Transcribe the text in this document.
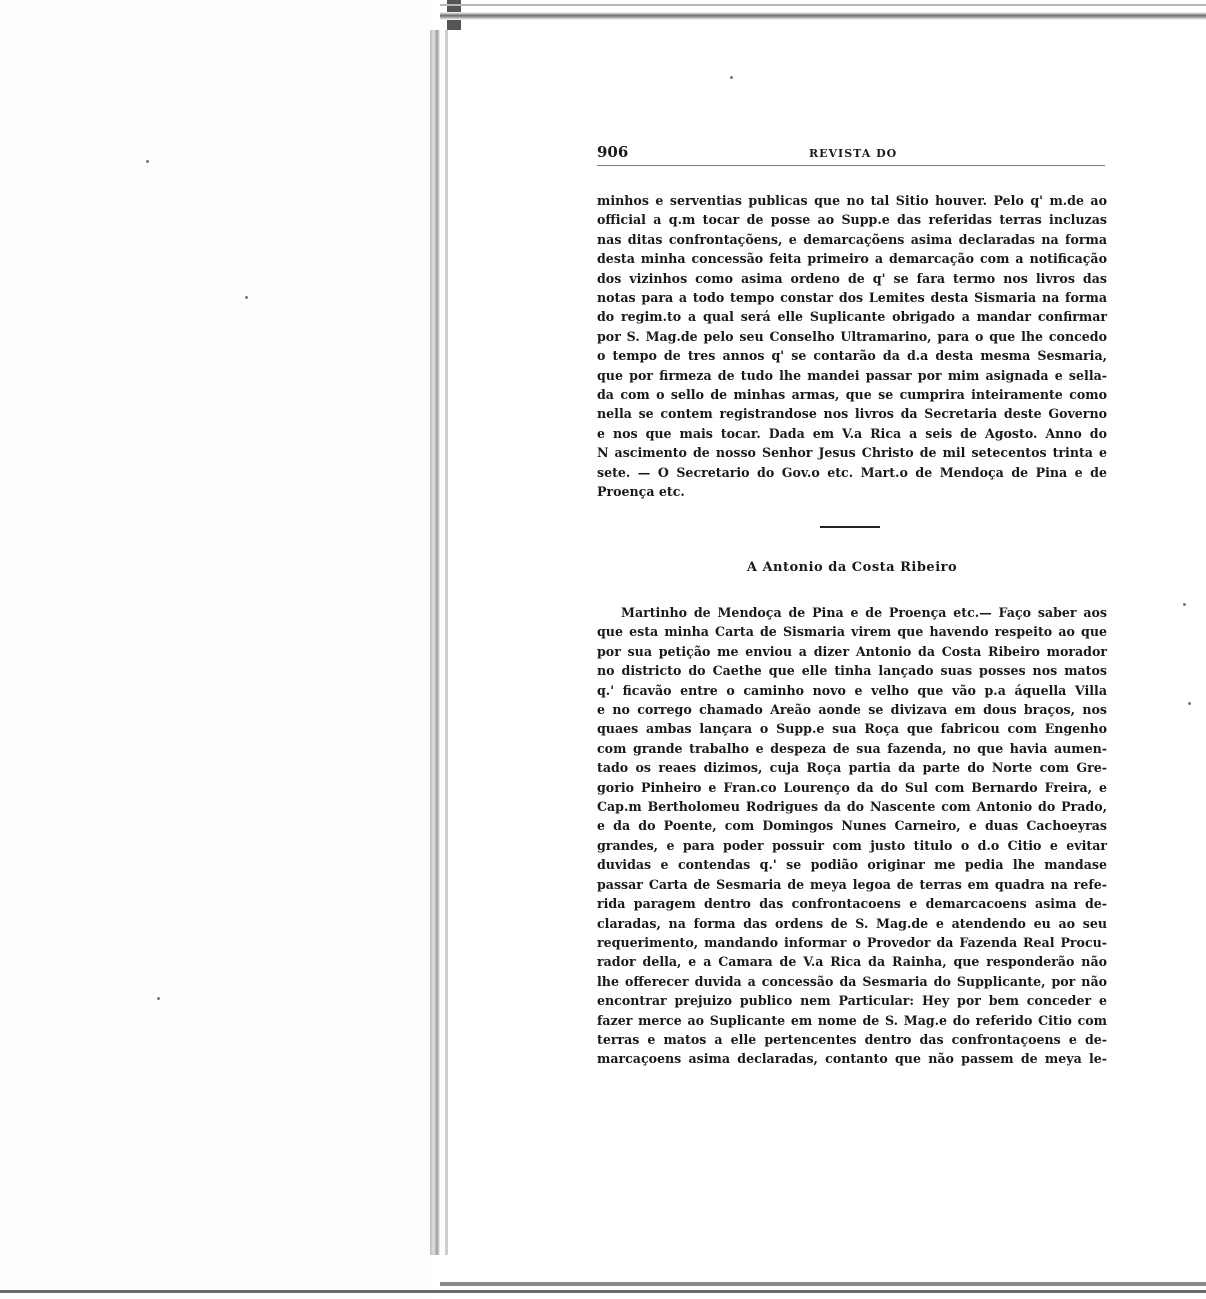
906	REVISTA DO
minhos e serventias publicas que no tal Sitio houver. Pelo q' m.de ao
official a q.m tocar de posse ao Supp.e das referidas terras incluzas
nas ditas confrontaçõens, e demarcaçõens asima declaradas na forma
desta minha concessão feita primeiro a demarcação com a notificação
dos vizinhos como asima ordeno de q' se fara termo nos livros das
notas para a todo tempo constar dos Lemites desta Sismaria na forma
do regim.to a qual será elle Suplicante obrigado a mandar confirmar
por S. Mag.de pelo seu Conselho Ultramarino, para o que lhe concedo
o tempo de tres annos q' se contarão da d.a desta mesma Sesmaria,
que por firmeza de tudo lhe mandei passar por mim asignada e sella-
da com o sello de minhas armas, que se cumprira inteiramente como
nella se contem registrandose nos livros da Secretaria deste Governo
e nos que mais tocar. Dada em V.a Rica a seis de Agosto. Anno do
N ascimento de nosso Senhor Jesus Christo de mil setecentos trinta e
sete. — O Secretario do Gov.o etc. Mart.o de Mendoça de Pina e de
Proença etc.
A Antonio da Costa Ribeiro
Martinho de Mendoça de Pina e de Proença etc.— Faço saber aos
que esta minha Carta de Sismaria virem que havendo respeito ao que
por sua petição me enviou a dizer Antonio da Costa Ribeiro morador
no districto do Caethe que elle tinha lançado suas posses nos matos
q.' ficavão entre o caminho novo e velho que vão p.a áquella Villa
e no corrego chamado Areão aonde se divizava em dous braços, nos
quaes ambas lançara o Supp.e sua Roça que fabricou com Engenho
com grande trabalho e despeza de sua fazenda, no que havia aumen-
tado os reaes dizimos, cuja Roça partia da parte do Norte com Gre-
gorio Pinheiro e Fran.co Lourenço da do Sul com Bernardo Freira, e
Cap.m Bertholomeu Rodrigues da do Nascente com Antonio do Prado,
e da do Poente, com Domingos Nunes Carneiro, e duas Cachoeyras
grandes, e para poder possuir com justo titulo o d.o Citio e evitar
duvidas e contendas q.' se podião originar me pedia lhe mandase
passar Carta de Sesmaria de meya legoa de terras em quadra na refe-
rida paragem dentro das confrontacoens e demarcacoens asima de-
claradas, na forma das ordens de S. Mag.de e atendendo eu ao seu
requerimento, mandando informar o Provedor da Fazenda Real Procu-
rador della, e a Camara de V.a Rica da Rainha, que responderão não
lhe offerecer duvida a concessão da Sesmaria do Supplicante, por não
encontrar prejuizo publico nem Particular: Hey por bem conceder e
fazer merce ao Suplicante em nome de S. Mag.e do referido Citio com
terras e matos a elle pertencentes dentro das confrontaçoens e de-
marcaçoens asima declaradas, contanto que não passem de meya le-
